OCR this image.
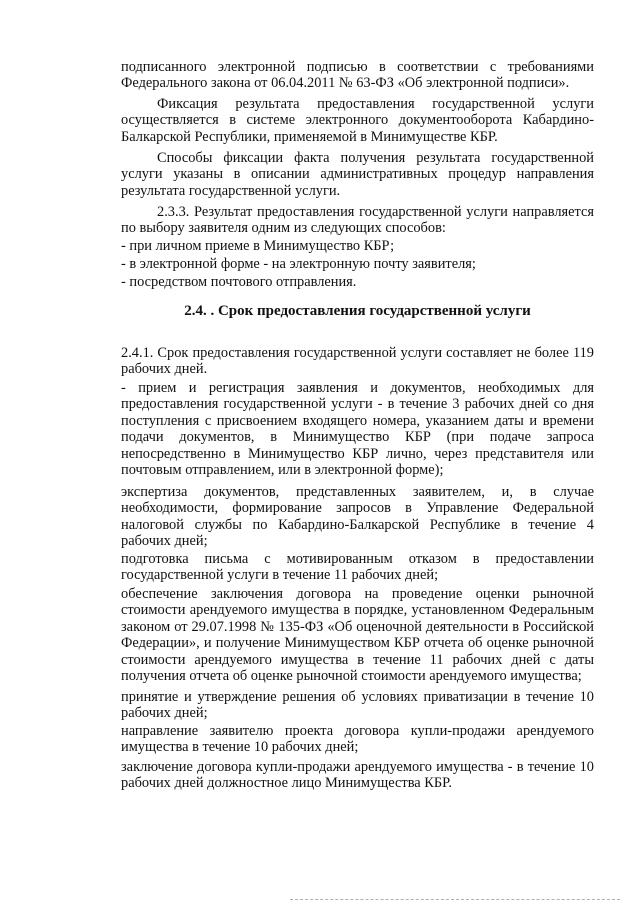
подписанного электронной подписью в соответствии с требованиями Федерального закона от 06.04.2011 № 63-ФЗ «Об электронной подписи».

Фиксация результата предоставления государственной услуги осуществляется в системе электронного документооборота Кабардино-Балкарской Республики, применяемой в Минимуществе КБР.

Способы фиксации факта получения результата государственной услуги указаны в описании административных процедур направления результата государственной услуги.

2.3.3. Результат предоставления государственной услуги направляется по выбору заявителя одним из следующих способов:

- при личном приеме в Минимущество КБР;

- в электронной форме - на электронную почту заявителя;

- посредством почтового отправления.

2.4. . Срок предоставления государственной услуги

2.4.1. Срок предоставления государственной услуги составляет не более 119 рабочих дней.

- прием и регистрация заявления и документов, необходимых для предоставления государственной услуги - в течение 3 рабочих дней со дня поступления с присвоением входящего номера, указанием даты и времени подачи документов, в Минимущество КБР (при подаче запроса непосредственно в Минимущество КБР лично, через представителя или почтовым отправлением, или в электронной форме);

экспертиза документов, представленных заявителем, и, в случае необходимости, формирование запросов в Управление Федеральной налоговой службы по Кабардино-Балкарской Республике в течение 4 рабочих дней;

подготовка письма с мотивированным отказом в предоставлении государственной услуги в течение 11 рабочих дней;

обеспечение заключения договора на проведение оценки рыночной стоимости арендуемого имущества в порядке, установленном Федеральным законом от 29.07.1998 № 135-ФЗ «Об оценочной деятельности в Российской Федерации», и получение Минимуществом КБР отчета об оценке рыночной стоимости арендуемого имущества в течение 11 рабочих дней с даты получения отчета об оценке рыночной стоимости арендуемого имущества;

принятие и утверждение решения об условиях приватизации в течение 10 рабочих дней;

направление заявителю проекта договора купли-продажи арендуемого имущества в течение 10 рабочих дней;

заключение договора купли-продажи арендуемого имущества - в течение 10 рабочих дней должностное лицо Минимущества КБР.
